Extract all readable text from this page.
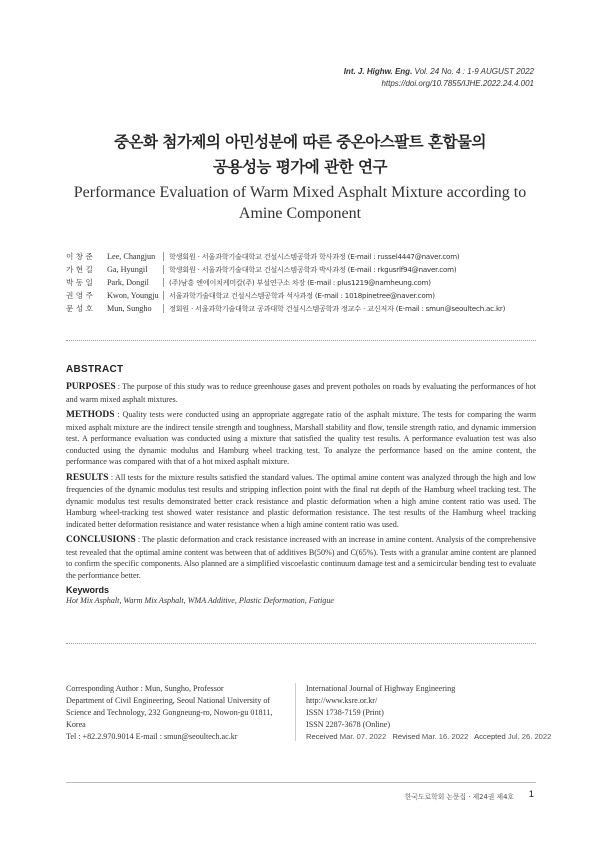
Int. J. Highw. Eng. Vol. 24 No. 4 : 1-9 AUGUST 2022
https://doi.org/10.7855/IJHE.2022.24.4.001
중온화 첨가제의 아민성분에 따른 중온아스팔트 혼합물의
공용성능 평가에 관한 연구
Performance Evaluation of Warm Mixed Asphalt Mixture according to
Amine Component
이 창 준	Lee, Changjun	학생회원 · 서울과학기술대학교 건설시스템공학과 학사과정 (E-mail : russel4447@naver.com)
가 현 길	Ga, Hyungil	학생회원 · 서울과학기술대학교 건설시스템공학과 박사과정 (E-mail : rkgusrlf94@naver.com)
박 동 일	Park, Dongil	(주)남흥 엔에이치케미칼(주) 부설연구소 차장 (E-mail : plus1219@namheung.com)
권 영 주	Kwon, Youngju	서울과학기술대학교 건설시스템공학과 석사과정 (E-mail : 1018pinetree@naver.com)
문 성 호	Mun, Sungho	정회원 · 서울과학기술대학교 공과대학 건설시스템공학과 정교수 · 교신저자 (E-mail : smun@seoultech.ac.kr)
ABSTRACT

PURPOSES : The purpose of this study was to reduce greenhouse gases and prevent potholes on roads by evaluating the performances of hot and warm mixed asphalt mixtures.

METHODS : Quality tests were conducted using an appropriate aggregate ratio of the asphalt mixture. The tests for comparing the warm mixed asphalt mixture are the indirect tensile strength and toughness, Marshall stability and flow, tensile strength ratio, and dynamic immersion test. A performance evaluation was conducted using a mixture that satisfied the quality test results. A performance evaluation test was also conducted using the dynamic modulus and Hamburg wheel tracking test. To analyze the performance based on the amine content, the performance was compared with that of a hot mixed asphalt mixture.

RESULTS : All tests for the mixture results satisfied the standard values. The optimal amine content was analyzed through the high and low frequencies of the dynamic modulus test results and stripping inflection point with the final rut depth of the Hamburg wheel tracking test. The dynamic modulus test results demonstrated better crack resistance and plastic deformation when a high amine content ratio was used. The Hamburg wheel-tracking test showed water resistance and plastic deformation resistance. The test results of the Hamburg wheel tracking indicated better deformation resistance and water resistance when a high amine content ratio was used.

CONCLUSIONS : The plastic deformation and crack resistance increased with an increase in amine content. Analysis of the comprehensive test revealed that the optimal amine content was between that of additives B(50%) and C(65%). Tests with a granular amine content are planned to confirm the specific components. Also planned are a simplified viscoelastic continuum damage test and a semicircular bending test to evaluate the performance better.

Keywords
Hot Mix Asphalt, Warm Mix Asphalt, WMA Additive, Plastic Deformation, Fatigue
Corresponding Author : Mun, Sungho, Professor
Department of Civil Engineering, Seoul National University of
Science and Technology, 232 Gongneung-ro, Nowon-gu 01811,
Korea
Tel : +82.2.970.9014 E-mail : smun@seoultech.ac.kr
International Journal of Highway Engineering
http://www.ksre.or.kr/
ISSN 1738-7159 (Print)
ISSN 2287-3678 (Online)
Received Mar. 07. 2022 Revised Mar. 16. 2022 Accepted Jul. 26. 2022
한국도로학회 논문집 · 제24권 제4호 1
